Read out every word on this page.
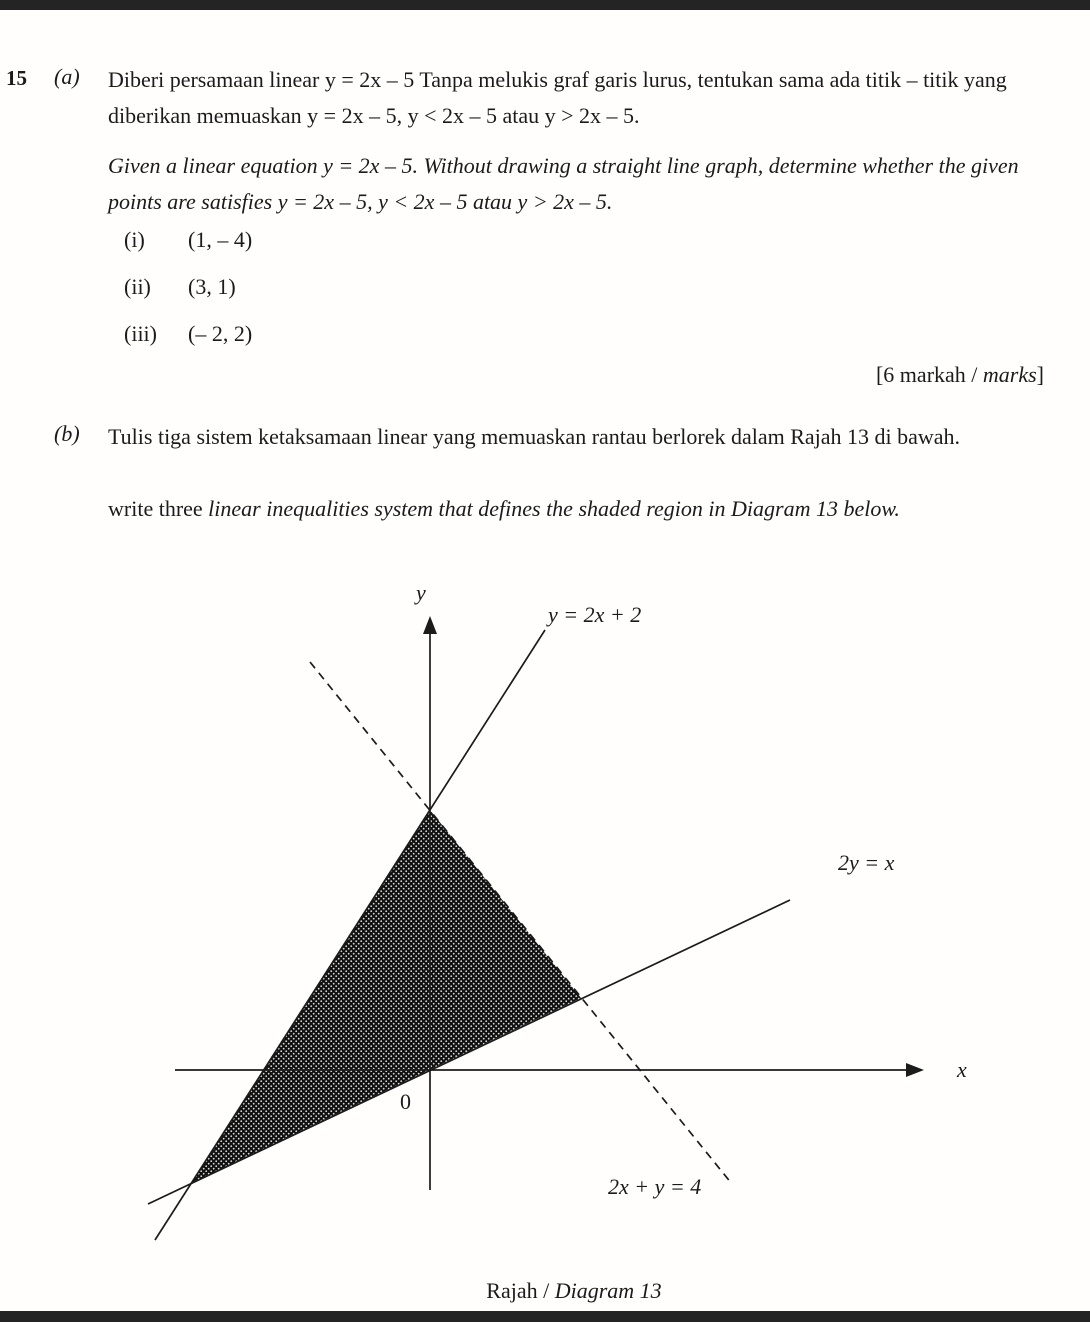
15 (a) Diberi persamaan linear y = 2x – 5 Tanpa melukis graf garis lurus, tentukan sama ada titik – titik yang diberikan memuaskan y = 2x – 5, y < 2x – 5 atau y > 2x – 5.
Given a linear equation y = 2x – 5. Without drawing a straight line graph, determine whether the given points are satisfies y = 2x – 5, y < 2x – 5 atau y > 2x – 5.
(i) (1, – 4)
(ii) (3, 1)
(iii) (– 2, 2)
[6 markah / marks]
(b) Tulis tiga sistem ketaksamaan linear yang memuaskan rantau berlorek dalam Rajah 13 di bawah.
write three linear inequalities system that defines the shaded region in Diagram 13 below.
y
x
0
y = 2x + 2
2y = x
2x + y = 4
Rajah / Diagram 13
